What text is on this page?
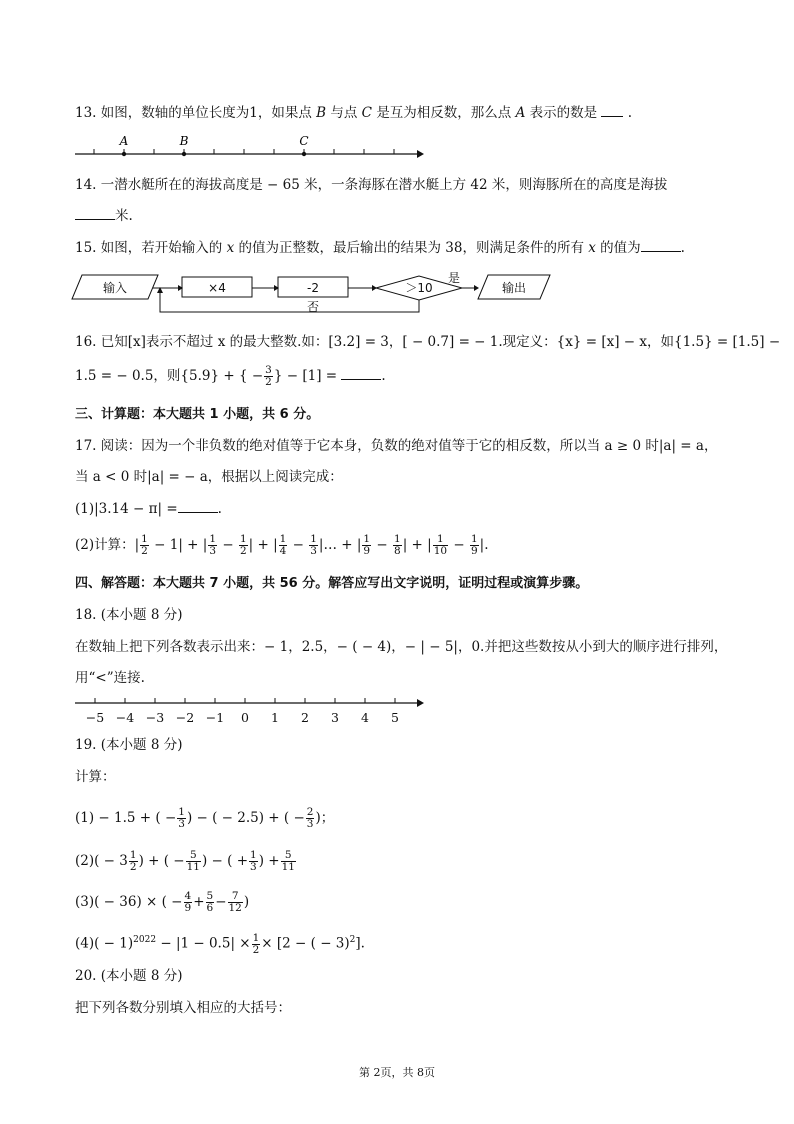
13. 如图，数轴的单位长度为1，如果点 B 与点 C 是互为相反数，那么点 A 表示的数是 .
A	B	C
14. 一潜水艇所在的海拔高度是 − 65 米，一条海豚在潜水艇上方 42 米，则海豚所在的高度是海拔
米.
15. 如图，若开始输入的 x 的值为正整数，最后输出的结果为 38，则满足条件的所有 x 的值为	.
输入	×4	-2	＞10
是
否
输出
16. 已知[x]表示不超过 x 的最大整数.如：[3.2] = 3，[ − 0.7] = − 1.现定义：{x} = [x] − x，如{1.5} = [1.5] −
1.5 = − 0.5，则{5.9} + { − $\frac{3}{2}$ } − [1] =	.
三、计算题：本大题共 1 小题，共 6 分。
17. 阅读：因为一个非负数的绝对值等于它本身，负数的绝对值等于它的相反数，所以当 a ≥ 0 时|a| = a，
当 a < 0 时|a| = − a，根据以上阅读完成：
(1)|3.14 − π| =	.
(2)计算：| $\frac{1}{2} - 1|$ + | $\frac{1}{3} - \frac{1}{2}$ | + | $\frac{1}{4} - \frac{1}{3}$ |… + | $\frac{1}{9} - \frac{1}{8}$ | + | $\frac{1}{10} - \frac{1}{9}$ |.
四、解答题：本大题共 7 小题，共 56 分。解答应写出文字说明，证明过程或演算步骤。
18. (本小题 8 分)
在数轴上把下列各数表示出来：− 1，2.5，− ( − 4)，− | − 5|，0.并把这些数按从小到大的顺序进行排列，
用“<”连接.
−5 −4 −3 −2 −1 0 1 2 3 4 5
19. (本小题 8 分)
计算：
(1) − 1.5 + ( − $\frac{1}{3}$ ) − ( − 2.5) + ( − $\frac{2}{3}$ )；
$(2)( - 3 \frac{1}{2}$ ) + ( − $\frac{5}{11}$ ) − ( + $\frac{1}{3}$ ) + $\frac{5}{11}$
(3)( − 36) × ( − $\frac{4}{9} + \frac{5}{6} - \frac{7}{12}$ )
$(4)( - 1)^{2022} - |1 - 0.5| \times \frac{1}{2} \times [2$ − ( − 3)$^2$].
20. (本小题 8 分)
把下列各数分别填入相应的大括号：
第 2页，共 8页
